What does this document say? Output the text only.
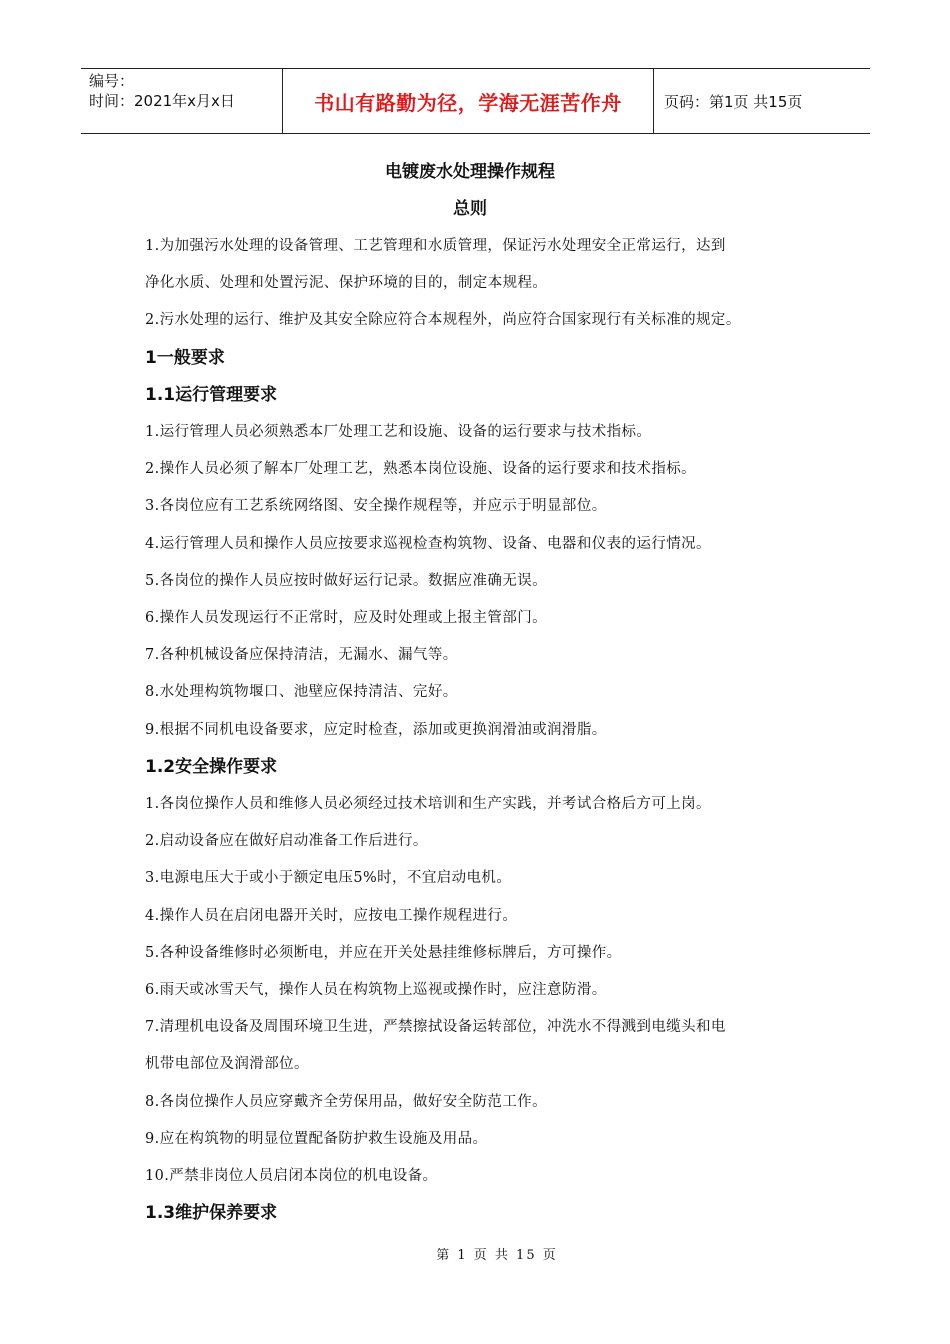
编号：
时间：2021年x月x日	书山有路勤为径，学海无涯苦作舟	页码：第1页 共15页
电镀废水处理操作规程
总则
1.为加强污水处理的设备管理、工艺管理和水质管理，保证污水处理安全正常运行，达到
净化水质、处理和处置污泥、保护环境的目的，制定本规程。
2.污水处理的运行、维护及其安全除应符合本规程外，尚应符合国家现行有关标准的规定。
1一般要求
1.1运行管理要求
1.运行管理人员必须熟悉本厂处理工艺和设施、设备的运行要求与技术指标。
2.操作人员必须了解本厂处理工艺，熟悉本岗位设施、设备的运行要求和技术指标。
3.各岗位应有工艺系统网络图、安全操作规程等，并应示于明显部位。
4.运行管理人员和操作人员应按要求巡视检查构筑物、设备、电器和仪表的运行情况。
5.各岗位的操作人员应按时做好运行记录。数据应准确无误。
6.操作人员发现运行不正常时，应及时处理或上报主管部门。
7.各种机械设备应保持清洁，无漏水、漏气等。
8.水处理构筑物堰口、池壁应保持清洁、完好。
9.根据不同机电设备要求，应定时检查，添加或更换润滑油或润滑脂。
1.2安全操作要求
1.各岗位操作人员和维修人员必须经过技术培训和生产实践，并考试合格后方可上岗。
2.启动设备应在做好启动准备工作后进行。
3.电源电压大于或小于额定电压5%时，不宜启动电机。
4.操作人员在启闭电器开关时，应按电工操作规程进行。
5.各种设备维修时必须断电，并应在开关处悬挂维修标牌后，方可操作。
6.雨天或冰雪天气，操作人员在构筑物上巡视或操作时，应注意防滑。
7.清理机电设备及周围环境卫生进，严禁擦拭设备运转部位，冲洗水不得溅到电缆头和电
机带电部位及润滑部位。
8.各岗位操作人员应穿戴齐全劳保用品，做好安全防范工作。
9.应在构筑物的明显位置配备防护救生设施及用品。
10.严禁非岗位人员启闭本岗位的机电设备。
1.3维护保养要求
第 1 页 共 15 页
